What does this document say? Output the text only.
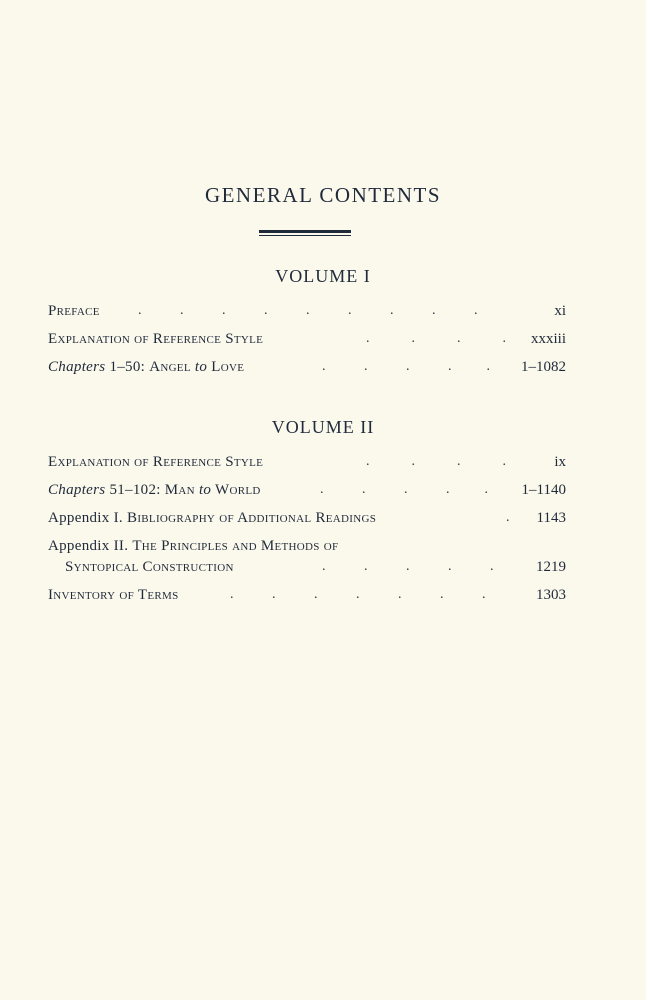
GENERAL CONTENTS
VOLUME I
Preface	.           .           .           .           .           .           .           .           .	xi
Explanation of Reference Style	.            .            .            . xxxiii
Chapters 1–50: Angel to Love	.           .           .           .          . 1–1082
VOLUME II
Explanation of Reference Style	.            .            .            .	ix
Chapters 51–102: Man to World	.           .           .           .          . 1–1140
Appendix I. Bibliography of Additional Readings	. 1143
Appendix II. The Principles and Methods of
Syntopical Construction	.           .           .           .           .	1219
Inventory of Terms	.           .           .           .           .           .           .	1303
